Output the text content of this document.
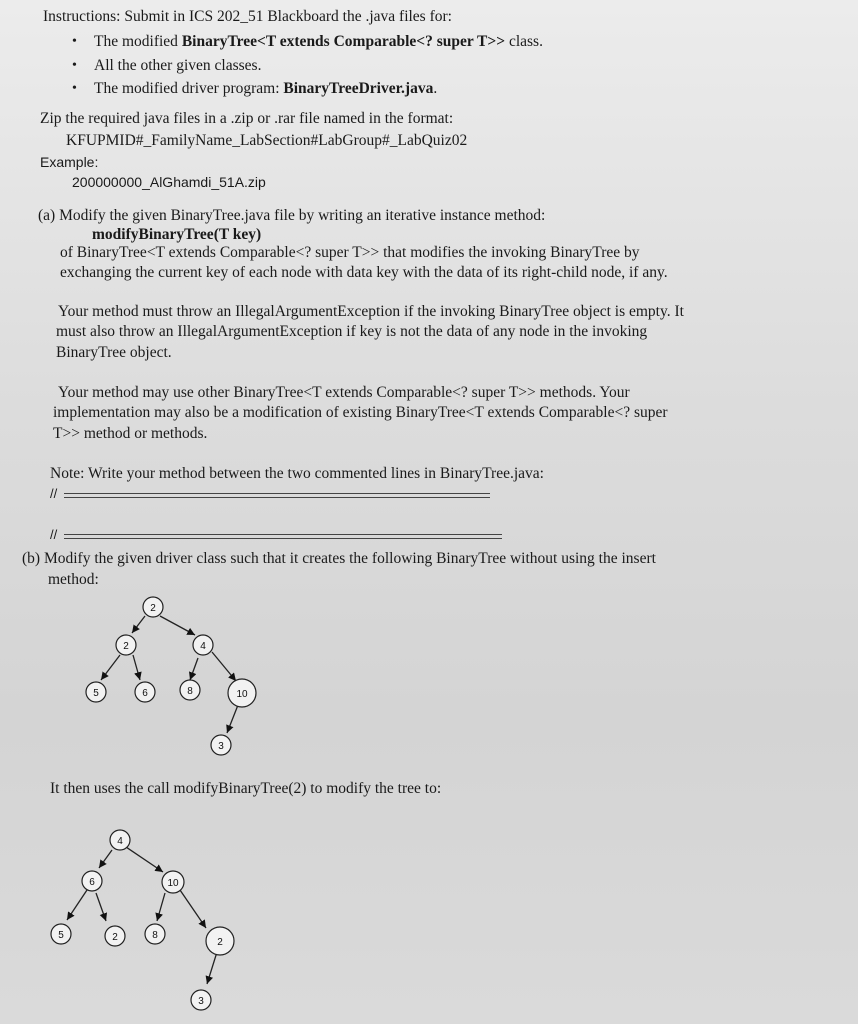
Instructions: Submit in ICS 202_51 Blackboard the .java files for:
• The modified BinaryTree<T extends Comparable<? super T>> class.
• All the other given classes.
• The modified driver program: BinaryTreeDriver.java.
Zip the required java files in a .zip or .rar file named in the format:
KFUPMID#_FamilyName_LabSection#LabGroup#_LabQuiz02
Example:
200000000_AlGhamdi_51A.zip
(a) Modify the given BinaryTree.java file by writing an iterative instance method:
modifyBinaryTree(T key)
of BinaryTree<T extends Comparable<? super T>> that modifies the invoking BinaryTree by
exchanging the current key of each node with data key with the data of its right-child node, if any.
Your method must throw an IllegalArgumentException if the invoking BinaryTree object is empty. It
must also throw an IllegalArgumentException if key is not the data of any node in the invoking
BinaryTree object.
Your method may use other BinaryTree<T extends Comparable<? super T>> methods. Your
implementation may also be a modification of existing BinaryTree<T extends Comparable<? super
T>> method or methods.
Note: Write your method between the two commented lines in BinaryTree.java:
//
//
(b) Modify the given driver class such that it creates the following BinaryTree without using the insert
method:
2
2	4
5	6	8	10
3
It then uses the call modifyBinaryTree(2) to modify the tree to:
4
6	10
5	2	8
2
3
